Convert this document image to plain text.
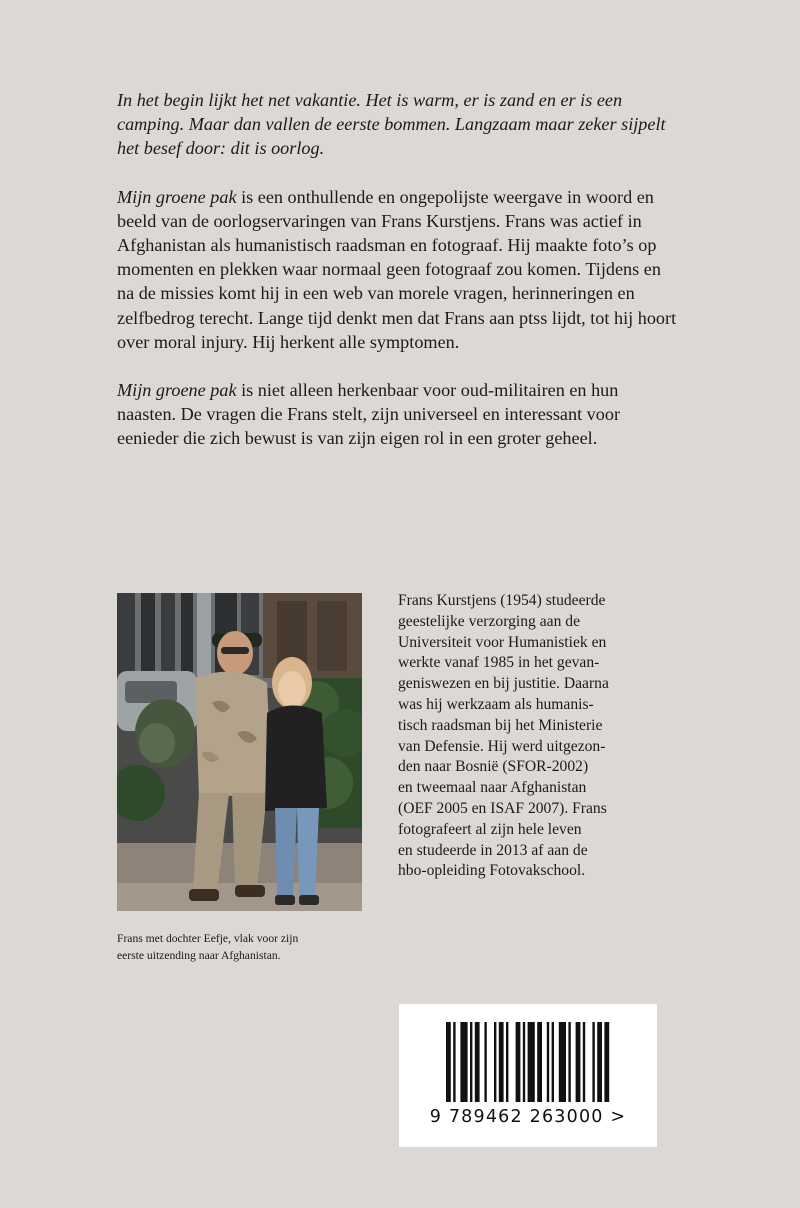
In het begin lijkt het net vakantie. Het is warm, er is zand en er is een camping. Maar dan vallen de eerste bommen. Langzaam maar zeker sijpelt het besef door: dit is oorlog.

Mijn groene pak is een onthullende en ongepolijste weergave in woord en beeld van de oorlogservaringen van Frans Kurstjens. Frans was actief in Afghanistan als humanistisch raadsman en fotograaf. Hij maakte foto’s op momenten en plekken waar normaal geen fotograaf zou komen. Tijdens en na de missies komt hij in een web van morele vragen, herinneringen en zelfbedrog terecht. Lange tijd denkt men dat Frans aan ptss lijdt, tot hij hoort over moral injury. Hij herkent alle symptomen.

Mijn groene pak is niet alleen herkenbaar voor oud-militairen en hun naasten. De vragen die Frans stelt, zijn universeel en interessant voor eenieder die zich bewust is van zijn eigen rol in een groter geheel.

Frans met dochter Eefje, vlak voor zijn
eerste uitzending naar Afghanistan.
Frans Kurstjens (1954) studeerde
geestelijke verzorging aan de
Universiteit voor Humanistiek en
werkte vanaf 1985 in het gevan-
geniswezen en bij justitie. Daarna
was hij werkzaam als humanis-
tisch raadsman bij het Ministerie
van Defensie. Hij werd uitgezon-
den naar Bosnië (SFOR-2002)
en tweemaal naar Afghanistan
(OEF 2005 en ISAF 2007). Frans
fotografeert al zijn hele leven
en studeerde in 2013 af aan de
hbo-opleiding Fotovakschool.
9 789462 263000 >
